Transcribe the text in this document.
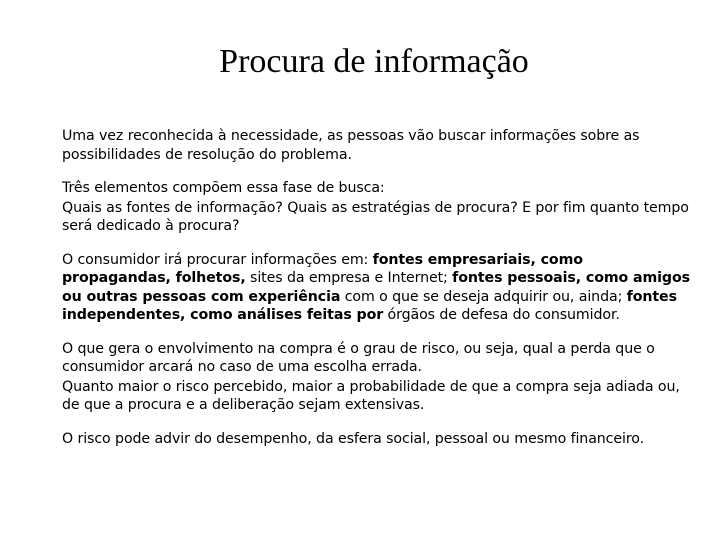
Procura de informação

Uma vez reconhecida à necessidade, as pessoas vão buscar informações sobre as possibilidades de resolução do problema.

Três elementos compõem essa fase de busca:

Quais as fontes de informação? Quais as estratégias de procura? E por fim quanto tempo será dedicado à procura?

O consumidor irá procurar informações em: fontes empresariais, como propagandas, folhetos, sites da empresa e Internet; fontes pessoais, como amigos ou outras pessoas com experiência com o que se deseja adquirir ou, ainda; fontes independentes, como análises feitas por órgãos de defesa do consumidor.

O que gera o envolvimento na compra é o grau de risco, ou seja, qual a perda que o consumidor arcará no caso de uma escolha errada.

Quanto maior o risco percebido, maior a probabilidade de que a compra seja adiada ou, de que a procura e a deliberação sejam extensivas.

O risco pode advir do desempenho, da esfera social, pessoal ou mesmo financeiro.
